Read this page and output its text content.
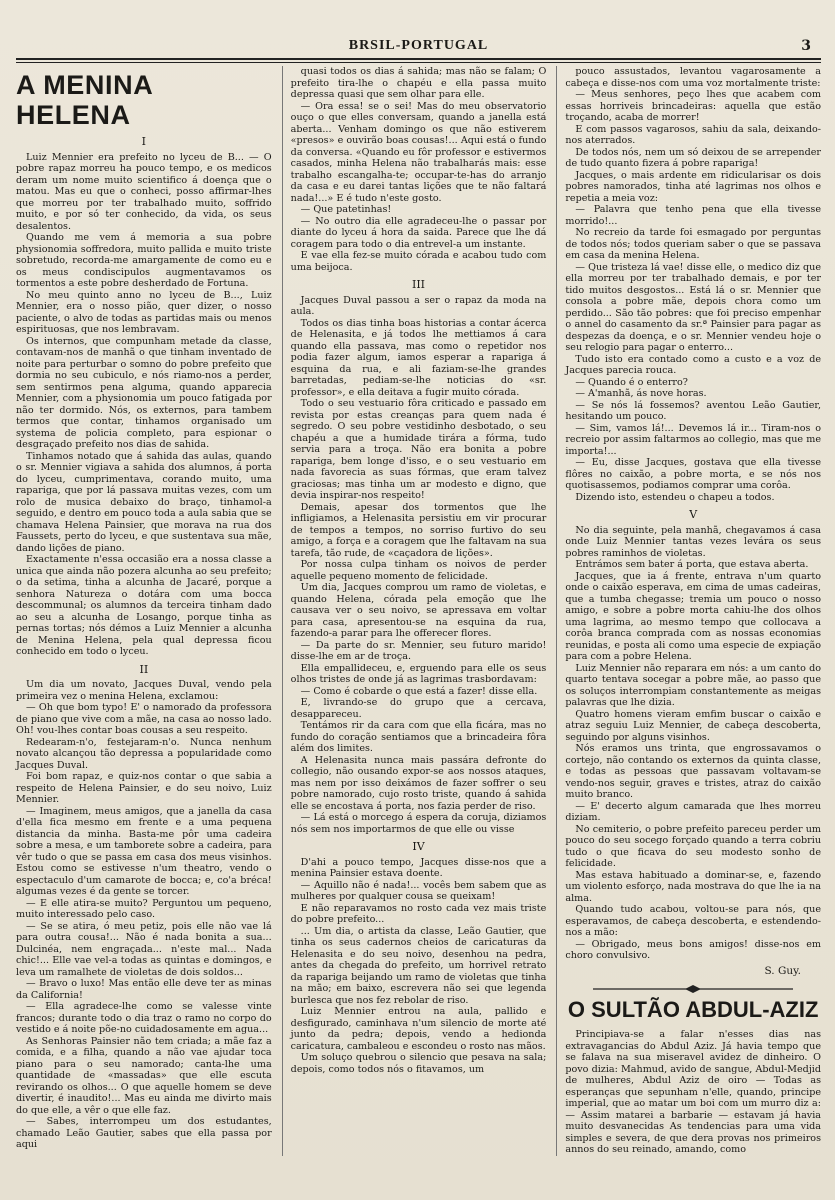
BRSIL-PORTUGAL	3
A MENINA HELENA
I

Luiz Mennier era prefeito no lyceu de B... — O pobre rapaz morreu ha pouco tempo, e os medicos deram um nome muito scientifico á doença que o matou. Mas eu que o conheci, posso affirmar-lhes que morreu por ter trabalhado muito, soffrido muito, e por só ter conhecido, da vida, os seus desalentos.

Quando me vem á memoria a sua pobre physionomia soffredora, muito pallida e muito triste sobretudo, recorda-me amargamente de como eu e os meus condiscipulos augmentavamos os tormentos a este pobre desherdado de Fortuna.

No meu quinto anno no lyceu de B..., Luiz Mennier, era o nosso pião, quer dizer, o nosso paciente, o alvo de todas as partidas mais ou menos espirituosas, que nos lembravam.

Os internos, que compunham metade da classe, contavam-nos de manhã o que tinham inventado de noite para perturbar o somno do pobre prefeito que dormia no seu cubiculo, e nós riamo-nos a perder, sem sentirmos pena alguma, quando apparecia Mennier, com a physionomia um pouco fatigada por não ter dormido. Nós, os externos, para tambem termos que contar, tinhamos organisado um systema de policia completo, para espionar o desgraçado prefeito nos dias de sahida.

Tinhamos notado que á sahida das aulas, quando o sr. Mennier vigiava a sahida dos alumnos, á porta do lyceu, cumprimentava, corando muito, uma rapariga, que por lá passava muitas vezes, com um rolo de musica debaixo do braço, tinhamol-a seguido, e dentro em pouco toda a aula sabia que se chamava Helena Painsier, que morava na rua dos Faussets, perto do lyceu, e que sustentava sua mãe, dando lições de piano.

Exactamente n'essa occasião era a nossa classe a unica que ainda não pozera alcunha ao seu prefeito; o da setima, tinha a alcunha de Jacaré, porque a senhora Natureza o dotára com uma bocca descommunal; os alumnos da terceira tinham dado ao seu a alcunha de Losango, porque tinha as pernas tortas; nós démos a Luiz Mennier a alcunha de Menina Helena, pela qual depressa ficou conhecido em todo o lyceu.

II

Um dia um novato, Jacques Duval, vendo pela primeira vez o menina Helena, exclamou:

— Oh que bom typo! E' o namorado da professora de piano que vive com a mãe, na casa ao nosso lado. Oh! vou-lhes contar boas cousas a seu respeito.

Redearam-n'o, festejaram-n'o. Nunca nenhum novato alcançou tão depressa a popularidade como Jacques Duval.

Foi bom rapaz, e quiz-nos contar o que sabia a respeito de Helena Painsier, e do seu noivo, Luiz Mennier.

— Imaginem, meus amigos, que a janella da casa d'ella fica mesmo em frente e a uma pequena distancia da minha. Basta-me pôr uma cadeira sobre a mesa, e um tamborete sobre a cadeira, para vêr tudo o que se passa em casa dos meus visinhos. Estou como se estivesse n'um theatro, vendo o espectaculo d'um camarote de bocca; e, co'a bréca! algumas vezes é da gente se torcer.

— E elle atira-se muito? Perguntou um pequeno, muito interessado pelo caso.

— Se se atira, ó meu petiz, pois elle não vae lá para outra cousa!... Não é nada bonita a sua... Dulcinéa, nem engraçada... n'este mal... Nada chic!... Elle vae vel-a todas as quintas e domingos, e leva um ramalhete de violetas de dois soldos...

— Bravo o luxo! Mas então elle deve ter as minas da California!

— Ella agradece-lhe como se valesse vinte francos; durante todo o dia traz o ramo no corpo do vestido e á noite põe-no cuidadosamente em agua...

As Senhoras Painsier não tem criada; a mãe faz a comida, e a filha, quando a não vae ajudar toca piano para o seu namorado; canta-lhe uma quantidade de «massadas» que elle escuta revirando os olhos... O que aquelle homem se deve divertir, é inaudito!... Mas eu ainda me divirto mais do que elle, a vêr o que elle faz.

— Sabes, interrompeu um dos estudantes, chamado Leão Gautier, sabes que ella passa por aqui

quasi todos os dias á sahida; mas não se falam; O prefeito tira-lhe o chapéu e ella passa muito depressa quasi que sem olhar para elle.

— Ora essa! se o sei! Mas do meu observatorio ouço o que elles conversam, quando a janella está aberta... Venham domingo os que não estiverem «presos» e ouvirão boas cousas!... Aqui está o fundo da conversa. «Quando eu fôr professor e estivermos casados, minha Helena não trabalharás mais: esse trabalho escangalha-te; occupar-te-has do arranjo da casa e eu darei tantas lições que te não faltará nada!...» E é tudo n'este gosto.

— Que patetinhas!

— No outro dia elle agradeceu-lhe o passar por diante do lyceu á hora da saida. Parece que lhe dá coragem para todo o dia entrevel-a um instante.

E vae ella fez-se muito córada e acabou tudo com uma beijoca.

III

Jacques Duval passou a ser o rapaz da moda na aula.

Todos os dias tinha boas historias a contar ácerca de Helenasita, e já todos lhe mettiamos á cara quando ella passava, mas como o repetidor nos podia fazer algum, iamos esperar a rapariga á esquina da rua, e ali faziam-se-lhe grandes barretadas, pediam-se-lhe noticias do «sr. professor», e ella deitava a fugir muito córada.

Todo o seu vestuario fôra criticado e passado em revista por estas creanças para quem nada é segredo. O seu pobre vestidinho desbotado, o seu chapéu a que a humidade tirára a fórma, tudo servia para a troça. Não era bonita a pobre rapariga, bem longe d'isso, e o seu vestuario em nada favorecia as suas fórmas, que eram talvez graciosas; mas tinha um ar modesto e digno, que devia inspirar-nos respeito!

Demais, apesar dos tormentos que lhe infligiamos, a Helenasita persistiu em vir procurar de tempos a tempos, no sorriso furtivo do seu amigo, a força e a coragem que lhe faltavam na sua tarefa, tão rude, de «caçadora de lições».

Por nossa culpa tinham os noivos de perder aquelle pequeno momento de felicidade.

Um dia, Jacques comprou um ramo de violetas, e quando Helena, córada pela emoção que lhe causava ver o seu noivo, se apressava em voltar para casa, apresentou-se na esquina da rua, fazendo-a parar para lhe offerecer flores.

— Da parte do sr. Mennier, seu futuro marido! disse-lhe em ar de troça.

Ella empallideceu, e, erguendo para elle os seus olhos tristes de onde já as lagrimas trasbordavam:

— Como é cobarde o que está a fazer! disse ella.

E, livrando-se do grupo que a cercava, desappareceu.

Tentámos rir da cara com que ella ficára, mas no fundo do coração sentiamos que a brincadeira fôra além dos limites.

A Helenasita nunca mais passára defronte do collegio, não ousando expor-se aos nossos ataques, mas nem por isso deixámos de fazer soffrer o seu pobre namorado, cujo rosto triste, quando á sahida elle se encostava á porta, nos fazia perder de riso.

— Lá está o morcego á espera da coruja, diziamos nós sem nos importarmos de que elle ou visse

IV

D'ahi a pouco tempo, Jacques disse-nos que a menina Painsier estava doente.

— Aquillo não é nada!... vocês bem sabem que as mulheres por qualquer cousa se queixam!

E não reparavamos no rosto cada vez mais triste do pobre prefeito...

... Um dia, o artista da classe, Leão Gautier, que tinha os seus cadernos cheios de caricaturas da Helenasita e do seu noivo, desenhou na pedra, antes da chegada do prefeito, um horrivel retrato da rapariga beijando um ramo de violetas que tinha na mão; em baixo, escrevera não sei que legenda burlesca que nos fez rebolar de riso.

Luiz Mennier entrou na aula, pallido e desfigurado, caminhava n'um silencio de morte até junto da pedra; depois, vendo a hedionda caricatura, cambaleou e escondeu o rosto nas mãos.

Um soluço quebrou o silencio que pesava na sala; depois, como todos nós o fitavamos, um

pouco assustados, levantou vagarosamente a cabeça e disse-nos com uma voz mortalmente triste:

— Meus senhores, peço lhes que acabem com essas horriveis brincadeiras: aquella que estão troçando, acaba de morrer!

E com passos vagarosos, sahiu da sala, deixando-nos aterrados.

De todos nós, nem um só deixou de se arrepender de tudo quanto fizera á pobre rapariga!

Jacques, o mais ardente em ridicularisar os dois pobres namorados, tinha até lagrimas nos olhos e repetia a meia voz:

— Palavra que tenho pena que ella tivesse morrido!...

No recreio da tarde foi esmagado por perguntas de todos nós; todos queriam saber o que se passava em casa da menina Helena.

— Que tristeza lá vae! disse elle, o medico diz que ella morreu por ter trabalhado demais, e por ter tido muitos desgostos... Está lá o sr. Mennier que consola a pobre mãe, depois chora como um perdido... São tão pobres: que foi preciso empenhar o annel do casamento da sr.ª Painsier para pagar as despezas da doença, e o sr. Mennier vendeu hoje o seu relogio para pagar o enterro...

Tudo isto era contado como a custo e a voz de Jacques parecia rouca.

— Quando é o enterro?

— A'manhã, ás nove horas.

— Se nós lá fossemos? aventou Leão Gautier, hesitando um pouco.

— Sim, vamos lá!... Devemos lá ir... Tiram-nos o recreio por assim faltarmos ao collegio, mas que me importa!...

— Eu, disse Jacques, gostava que ella tivesse flôres no caixão, a pobre morta, e se nós nos quotisassemos, podiamos comprar uma corôa.

Dizendo isto, estendeu o chapeu a todos.

V

No dia seguinte, pela manhã, chegavamos á casa onde Luiz Mennier tantas vezes levára os seus pobres raminhos de violetas.

Entrámos sem bater á porta, que estava aberta.

Jacques, que ia á frente, entrava n'um quarto onde o caixão esperava, em cima de umas cadeiras, que a tumba chegasse; tremia um pouco o nosso amigo, e sobre a pobre morta cahiu-lhe dos olhos uma lagrima, ao mesmo tempo que collocava a corôa branca comprada com as nossas economias reunidas, e posta ali como uma especie de expiação para com a pobre Helena.

Luiz Mennier não reparara em nós: a um canto do quarto tentava socegar a pobre mãe, ao passo que os soluços interrompiam constantemente as meigas palavras que lhe dizia.

Quatro homens vieram emfim buscar o caixão e atraz seguiu Luiz Mennier, de cabeça descoberta, seguindo por alguns visinhos.

Nós eramos uns trinta, que engrossavamos o cortejo, não contando os externos da quinta classe, e todas as pessoas que passavam voltavam-se vendo-nos seguir, graves e tristes, atraz do caixão muito branco.

— E' decerto algum camarada que lhes morreu diziam.

No cemiterio, o pobre prefeito pareceu perder um pouco do seu socego forçado quando a terra cobriu tudo o que ficava do seu modesto sonho de felicidade.

Mas estava habituado a dominar-se, e, fazendo um violento esforço, nada mostrava do que lhe ia na alma.

Quando tudo acabou, voltou-se para nós, que esperavamos, de cabeça descoberta, e estendendo-nos a mão:

— Obrigado, meus bons amigos! disse-nos em choro convulsivo.

S. Guy.
O SULTÃO ABDUL-AZIZ

Principiava-se a falar n'esses dias nas extravagancias do Abdul Aziz. Já havia tempo que se falava na sua miseravel avidez de dinheiro. O povo dizia: Mahmud, avido de sangue, Abdul-Medjid de mulheres, Abdul Aziz de oiro — Todas as esperanças que sepunham n'elle, quando, principe imperial, que ao matar um boi com um murro diz a: — Assim matarei a barbarie — estavam já havia muito desvanecidas As tendencias para uma vida simples e severa, de que dera provas nos primeiros annos do seu reinado, amando, como
